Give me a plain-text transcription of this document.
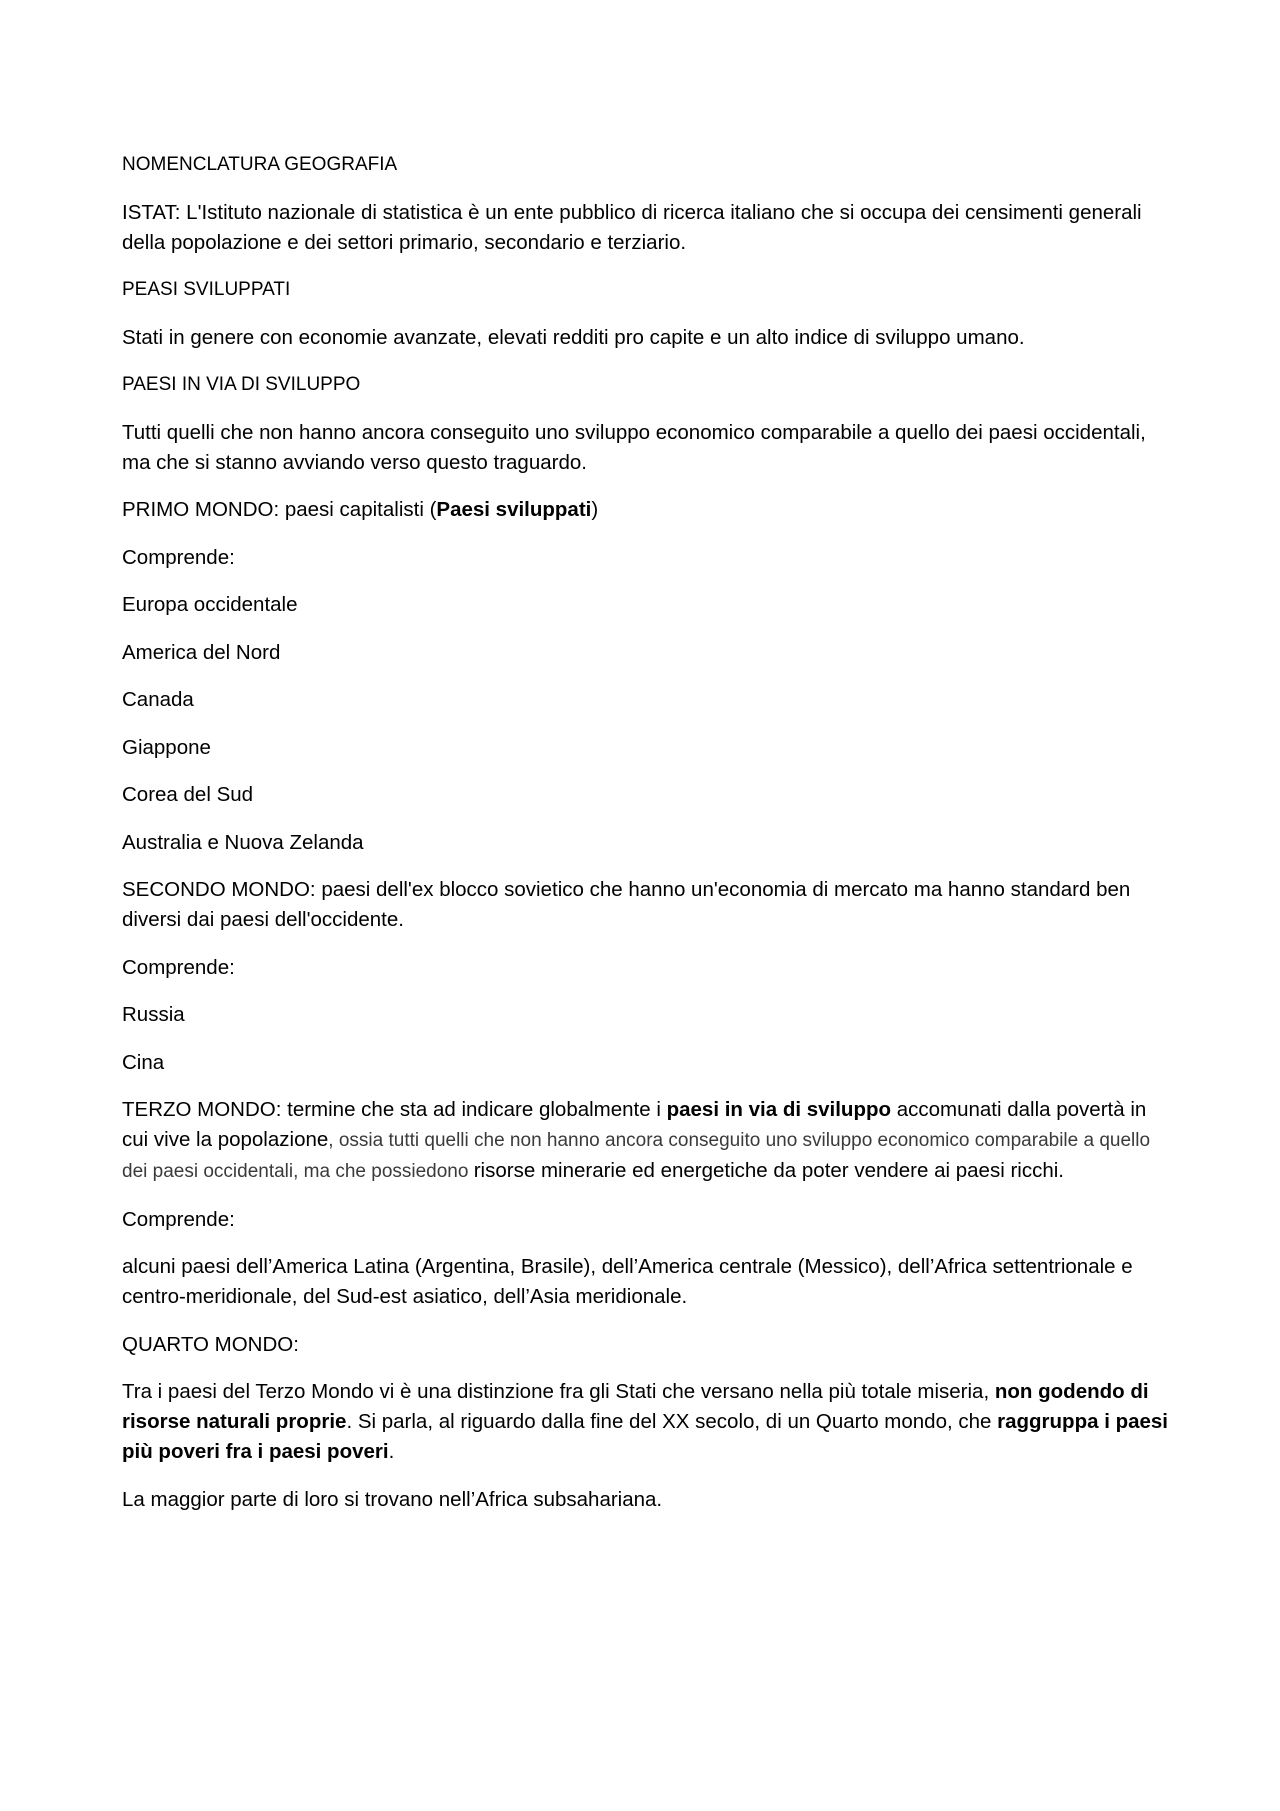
NOMENCLATURA GEOGRAFIA

ISTAT: L'Istituto nazionale di statistica è un ente pubblico di ricerca italiano che si occupa dei censimenti generali della popolazione e dei settori primario, secondario e terziario.

PEASI SVILUPPATI

Stati in genere con economie avanzate, elevati redditi pro capite e un alto indice di sviluppo umano.

PAESI IN VIA DI SVILUPPO

Tutti quelli che non hanno ancora conseguito uno sviluppo economico comparabile a quello dei paesi occidentali, ma che si stanno avviando verso questo traguardo.

PRIMO MONDO: paesi capitalisti (Paesi sviluppati)

Comprende:

Europa occidentale

America del Nord

Canada

Giappone

Corea del Sud

Australia e Nuova Zelanda

SECONDO MONDO: paesi dell'ex blocco sovietico che hanno un'economia di mercato ma hanno standard ben diversi dai paesi dell'occidente.

Comprende:

Russia

Cina

TERZO MONDO: termine che sta ad indicare globalmente i paesi in via di sviluppo accomunati dalla povertà in cui vive la popolazione, ossia tutti quelli che non hanno ancora conseguito uno sviluppo economico comparabile a quello dei paesi occidentali, ma che possiedono risorse minerarie ed energetiche da poter vendere ai paesi ricchi.

Comprende:

alcuni paesi dell’America Latina (Argentina, Brasile), dell’America centrale (Messico), dell’Africa settentrionale e centro-meridionale, del Sud-est asiatico, dell’Asia meridionale.

QUARTO MONDO:

Tra i paesi del Terzo Mondo vi è una distinzione fra gli Stati che versano nella più totale miseria, non godendo di risorse naturali proprie. Si parla, al riguardo dalla fine del XX secolo, di un Quarto mondo, che raggruppa i paesi più poveri fra i paesi poveri.

La maggior parte di loro si trovano nell’Africa subsahariana.
